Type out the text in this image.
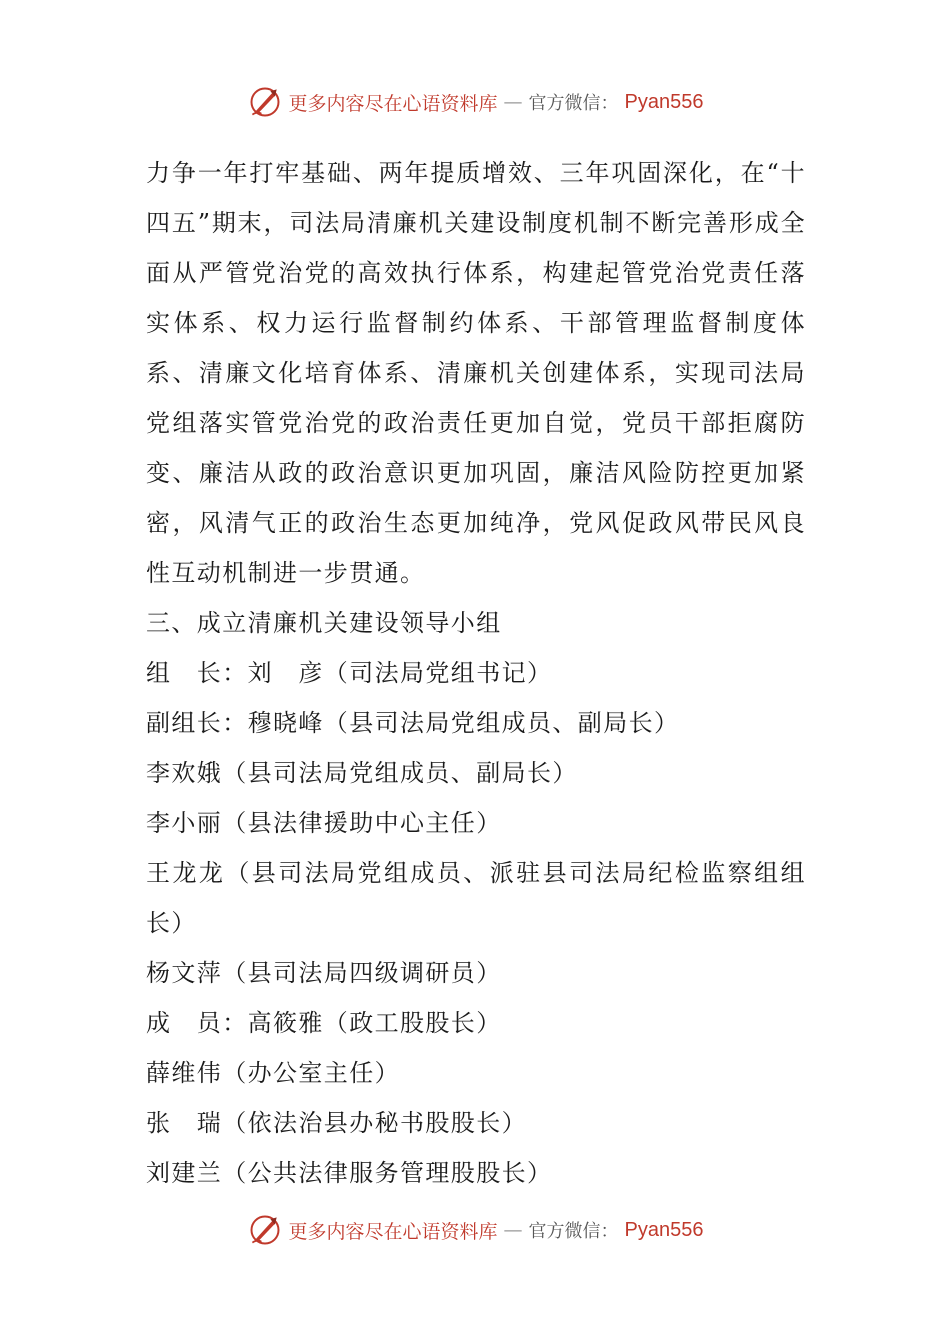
更多内容尽在心语资料库 — 官方微信： Pyan556

力争一年打牢基础、两年提质增效、三年巩固深化，在“十四五”期末，司法局清廉机关建设制度机制不断完善形成全面从严管党治党的高效执行体系，构建起管党治党责任落实体系、权力运行监督制约体系、干部管理监督制度体系、清廉文化培育体系、清廉机关创建体系，实现司法局党组落实管党治党的政治责任更加自觉，党员干部拒腐防变、廉洁从政的政治意识更加巩固，廉洁风险防控更加紧密，风清气正的政治生态更加纯净，党风促政风带民风良性互动机制进一步贯通。

三、成立清廉机关建设领导小组

组　长：刘　彦（司法局党组书记）

副组长：穆晓峰（县司法局党组成员、副局长）

李欢娥（县司法局党组成员、副局长）

李小丽（县法律援助中心主任）

王龙龙（县司法局党组成员、派驻县司法局纪检监察组组长）

杨文萍（县司法局四级调研员）

成　员：高筱雅（政工股股长）

薛维伟（办公室主任）

张　瑞（依法治县办秘书股股长）

刘建兰（公共法律服务管理股股长）

更多内容尽在心语资料库 — 官方微信： Pyan556
